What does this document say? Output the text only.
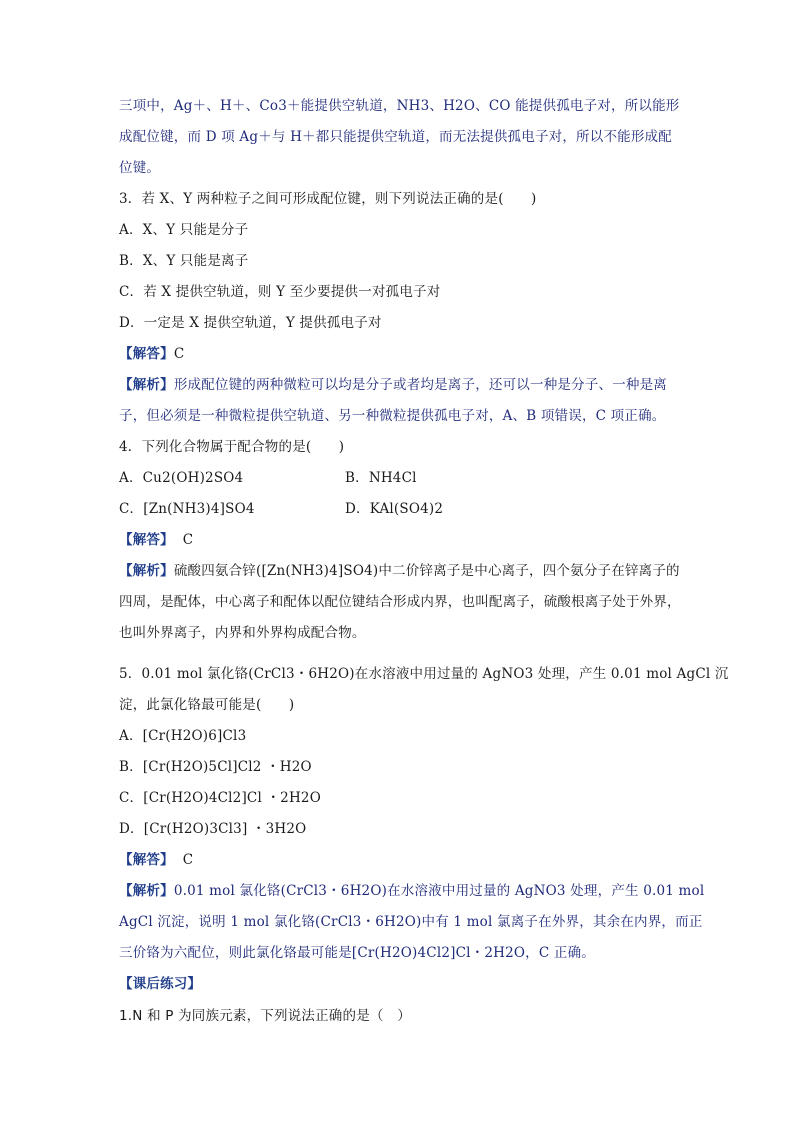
三项中，Ag＋、H＋、Co3＋能提供空轨道，NH3、H2O、CO 能提供孤电子对，所以能形
成配位键，而 D 项 Ag＋与 H＋都只能提供空轨道，而无法提供孤电子对，所以不能形成配
位键。
3．若 X、Y 两种粒子之间可形成配位键，则下列说法正确的是(　　)
A．X、Y 只能是分子
B．X、Y 只能是离子
C．若 X 提供空轨道，则 Y 至少要提供一对孤电子对
D．一定是 X 提供空轨道，Y 提供孤电子对
【解答】C
【解析】形成配位键的两种微粒可以均是分子或者均是离子，还可以一种是分子、一种是离
子，但必须是一种微粒提供空轨道、另一种微粒提供孤电子对，A、B 项错误，C 项正确。
4．下列化合物属于配合物的是(　　)
A．Cu2(OH)2SO4	B．NH4Cl
C．[Zn(NH3)4]SO4	D．KAl(SO4)2
【解答】 C
【解析】硫酸四氨合锌([Zn(NH3)4]SO4)中二价锌离子是中心离子，四个氨分子在锌离子的
四周，是配体，中心离子和配体以配位键结合形成内界，也叫配离子，硫酸根离子处于外界，
也叫外界离子，内界和外界构成配合物。
5．0.01 mol 氯化铬(CrCl3・6H2O)在水溶液中用过量的 AgNO3 处理，产生 0.01 mol AgCl 沉
淀，此氯化铬最可能是(　　)
A．[Cr(H2O)6]Cl3
B．[Cr(H2O)5Cl]Cl2 ・H2O
C．[Cr(H2O)4Cl2]Cl ・2H2O
D．[Cr(H2O)3Cl3] ・3H2O
【解答】 C
【解析】0.01 mol 氯化铬(CrCl3・6H2O)在水溶液中用过量的 AgNO3 处理，产生 0.01 mol
AgCl 沉淀，说明 1 mol 氯化铬(CrCl3・6H2O)中有 1 mol 氯离子在外界，其余在内界，而正
三价铬为六配位，则此氯化铬最可能是[Cr(H2O)4Cl2]Cl・2H2O，C 正确。
【课后练习】
1.N 和 P 为同族元素，下列说法正确的是（　）
